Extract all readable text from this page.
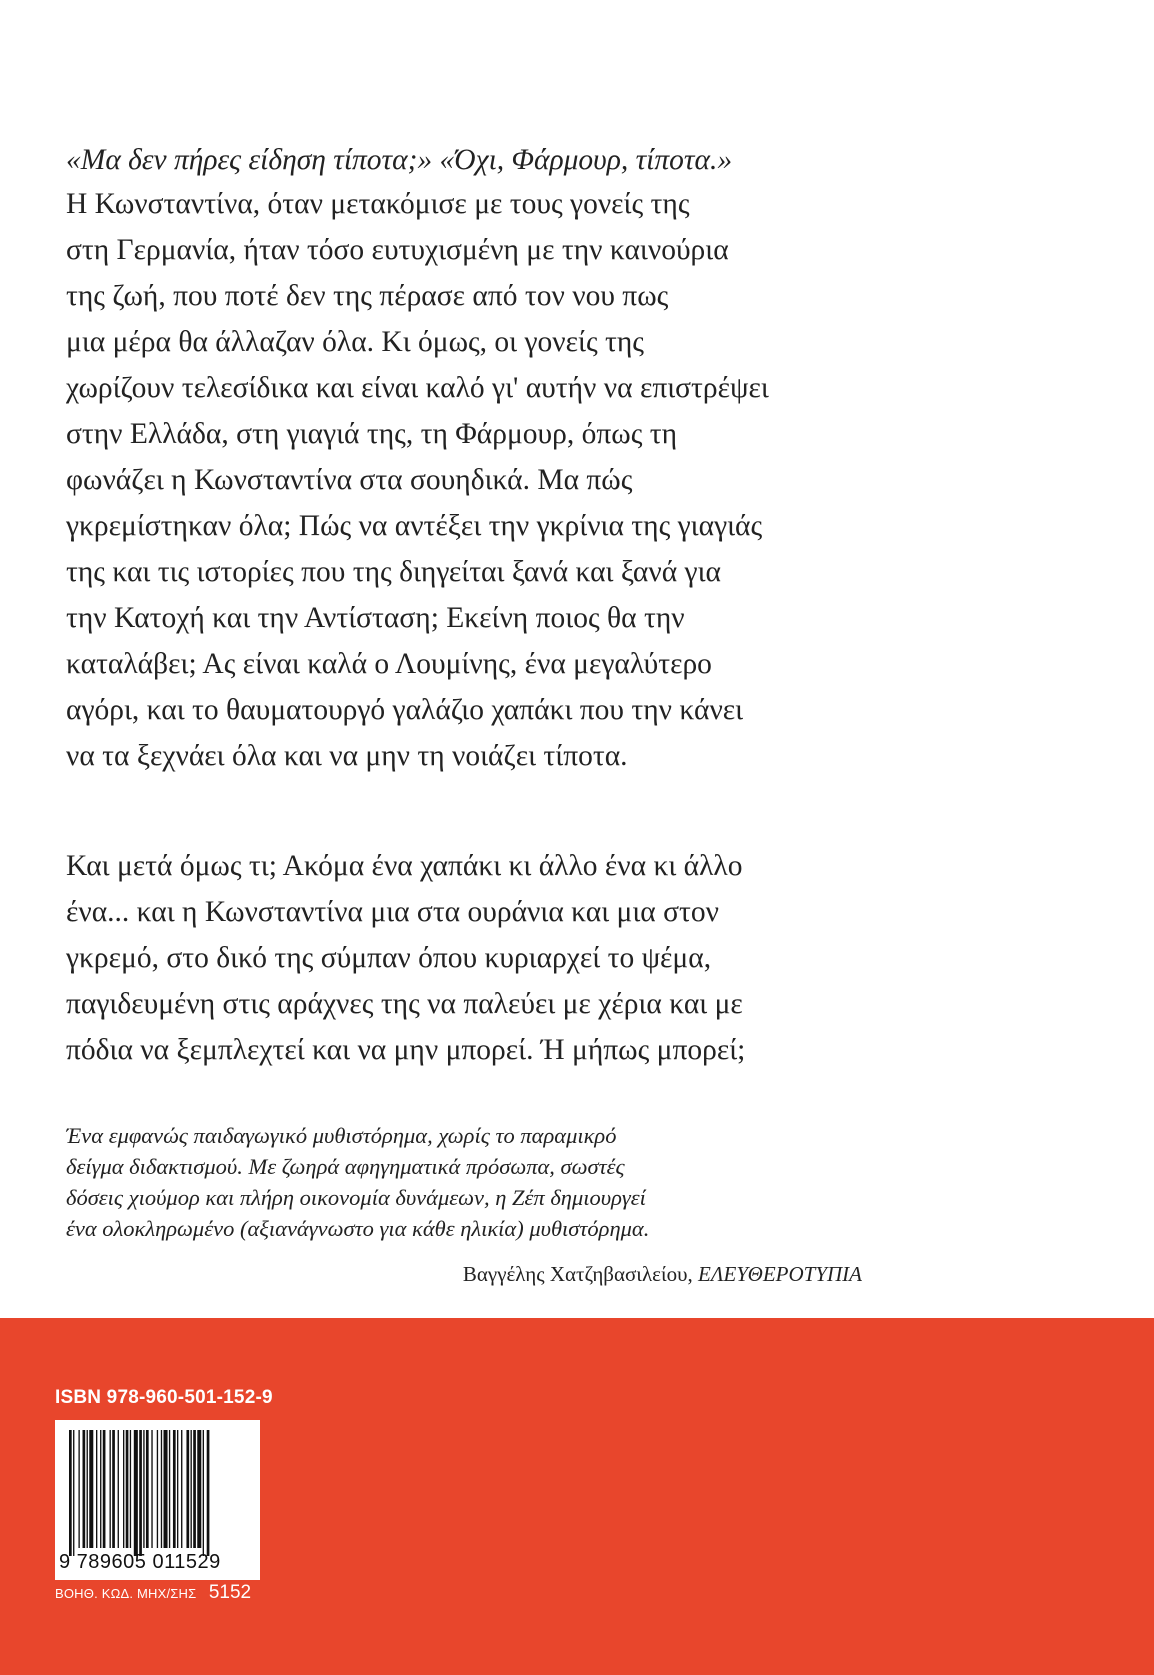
«Μα δεν πήρες είδηση τίποτα;» «Όχι, Φάρμουρ, τίποτα.»
Η Κωνσταντίνα, όταν μετακόμισε με τους γονείς της
στη Γερμανία, ήταν τόσο ευτυχισμένη με την καινούρια
της ζωή, που ποτέ δεν της πέρασε από τον νου πως
μια μέρα θα άλλαζαν όλα. Κι όμως, οι γονείς της
χωρίζουν τελεσίδικα και είναι καλό γι' αυτήν να επιστρέψει
στην Ελλάδα, στη γιαγιά της, τη Φάρμουρ, όπως τη
φωνάζει η Κωνσταντίνα στα σουηδικά. Μα πώς
γκρεμίστηκαν όλα; Πώς να αντέξει την γκρίνια της γιαγιάς
της και τις ιστορίες που της διηγείται ξανά και ξανά για
την Κατοχή και την Αντίσταση; Εκείνη ποιος θα την
καταλάβει; Ας είναι καλά ο Λουμίνης, ένα μεγαλύτερο
αγόρι, και το θαυματουργό γαλάζιο χαπάκι που την κάνει
να τα ξεχνάει όλα και να μην τη νοιάζει τίποτα.
Και μετά όμως τι; Ακόμα ένα χαπάκι κι άλλο ένα κι άλλο
ένα... και η Κωνσταντίνα μια στα ουράνια και μια στον
γκρεμό, στο δικό της σύμπαν όπου κυριαρχεί το ψέμα,
παγιδευμένη στις αράχνες της να παλεύει με χέρια και με
πόδια να ξεμπλεχτεί και να μην μπορεί. Ή μήπως μπορεί;
Ένα εμφανώς παιδαγωγικό μυθιστόρημα, χωρίς το παραμικρό
δείγμα διδακτισμού. Με ζωηρά αφηγηματικά πρόσωπα, σωστές
δόσεις χιούμορ και πλήρη οικονομία δυνάμεων, η Ζέπ δημιουργεί
ένα ολοκληρωμένο (αξιανάγνωστο για κάθε ηλικία) μυθιστόρημα.
Βαγγέλης Χατζηβασιλείου, ΕΛΕΥΘΕΡΟΤΥΠΙΑ
ISBN 978-960-501-152-9
9 789605 011529
ΒΟΗΘ. ΚΩΔ. ΜΗΧ/ΣΗΣ 5152
